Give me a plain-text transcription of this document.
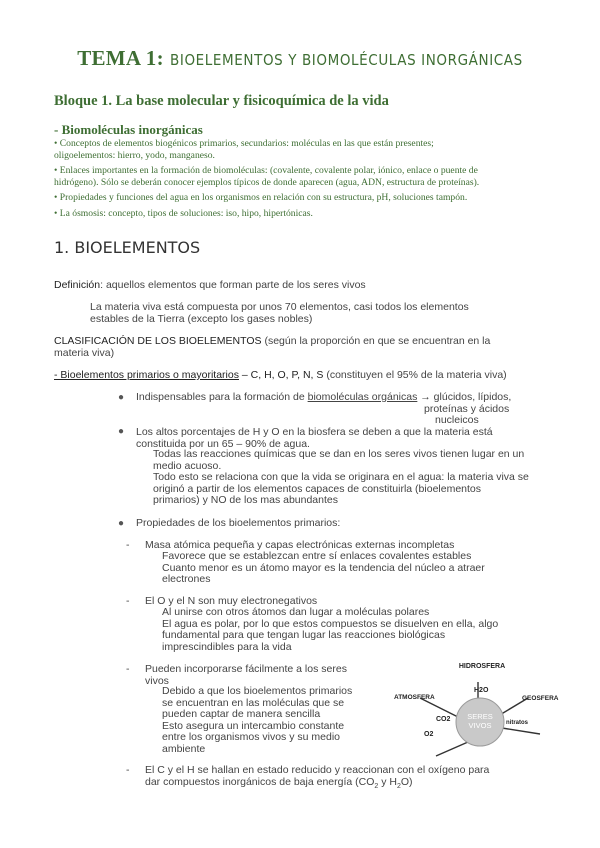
TEMA 1: BIOELEMENTOS Y BIOMOLÉCULAS INORGÁNICAS
Bloque 1. La base molecular y fisicoquímica de la vida
- Biomoléculas inorgánicas
• Conceptos de elementos biogénicos primarios, secundarios: moléculas en las que están presentes;
oligoelementos: hierro, yodo, manganeso.
• Enlaces importantes en la formación de biomoléculas: (covalente, covalente polar, iónico, enlace o puente de
hidrógeno). Sólo se deberán conocer ejemplos típicos de donde aparecen (agua, ADN, estructura de proteínas).
• Propiedades y funciones del agua en los organismos en relación con su estructura, pH, soluciones tampón.
• La ósmosis: concepto, tipos de soluciones: iso, hipo, hipertónicas.
1. BIOELEMENTOS
Definición: aquellos elementos que forman parte de los seres vivos
La materia viva está compuesta por unos 70 elementos, casi todos los elementos
estables de la Tierra (excepto los gases nobles)
CLASIFICACIÓN DE LOS BIOELEMENTOS (según la proporción en que se encuentran en la
materia viva)
- Bioelementos primarios o mayoritarios – C, H, O, P, N, S (constituyen el 95% de la materia viva)
● Indispensables para la formación de biomoléculas orgánicas → glúcidos, lípidos,
proteínas y ácidos
nucleicos
● Los altos porcentajes de H y O en la biosfera se deben a que la materia está
constituida por un 65 – 90% de agua.
Todas las reacciones químicas que se dan en los seres vivos tienen lugar en un
medio acuoso.
Todo esto se relaciona con que la vida se originara en el agua: la materia viva se
originó a partir de los elementos capaces de constituirla (bioelementos
primarios) y NO de los mas abundantes
● Propiedades de los bioelementos primarios:
- Masa atómica pequeña y capas electrónicas externas incompletas
Favorece que se establezcan entre sí enlaces covalentes estables
Cuanto menor es un átomo mayor es la tendencia del núcleo a atraer
electrones
- El O y el N son muy electronegativos
Al unirse con otros átomos dan lugar a moléculas polares
El agua es polar, por lo que estos compuestos se disuelven en ella, algo
fundamental para que tengan lugar las reacciones biológicas
imprescindibles para la vida
- Pueden incorporarse fácilmente a los seres
vivos
Debido a que los bioelementos primarios
se encuentran en las moléculas que se
pueden captar de manera sencilla
Esto asegura un intercambio constante
entre los organismos vivos y su medio
ambiente
SERES
VIVOS
HIDROSFERA
H2O
ATMOSFERA	GEOSFERA
CO2
O2
nitratos
- El C y el H se hallan en estado reducido y reaccionan con el oxígeno para
dar compuestos inorgánicos de baja energía ($CO_2$ y $H_2O$)
